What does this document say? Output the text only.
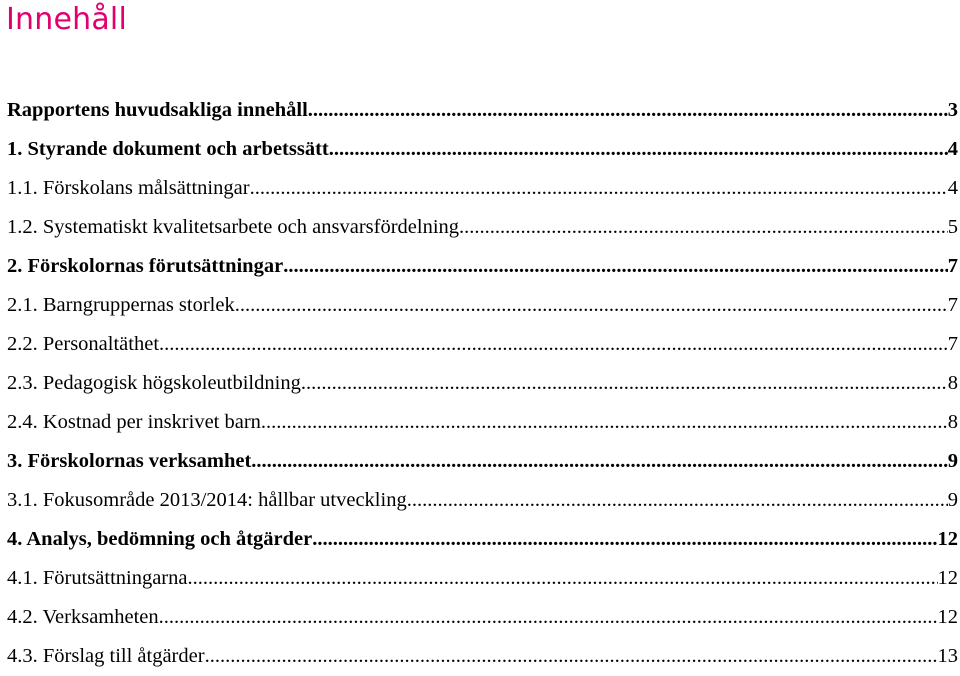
Innehåll
Rapportens huvudsakliga innehåll .....	3
1. Styrande dokument och arbetssätt .....	4
1.1. Förskolans målsättningar .....	4
1.2. Systematiskt kvalitetsarbete och ansvarsfördelning .....	5
2. Förskolornas förutsättningar .....	7
2.1. Barngruppernas storlek .....	7
2.2. Personaltäthet .....	7
2.3. Pedagogisk högskoleutbildning .....	8
2.4. Kostnad per inskrivet barn .....	8
3. Förskolornas verksamhet .....	9
3.1. Fokusområde 2013/2014: hållbar utveckling .....	9
4. Analys, bedömning och åtgärder .....	12
4.1. Förutsättningarna .....	12
4.2. Verksamheten .....	12
4.3. Förslag till åtgärder .....	13
